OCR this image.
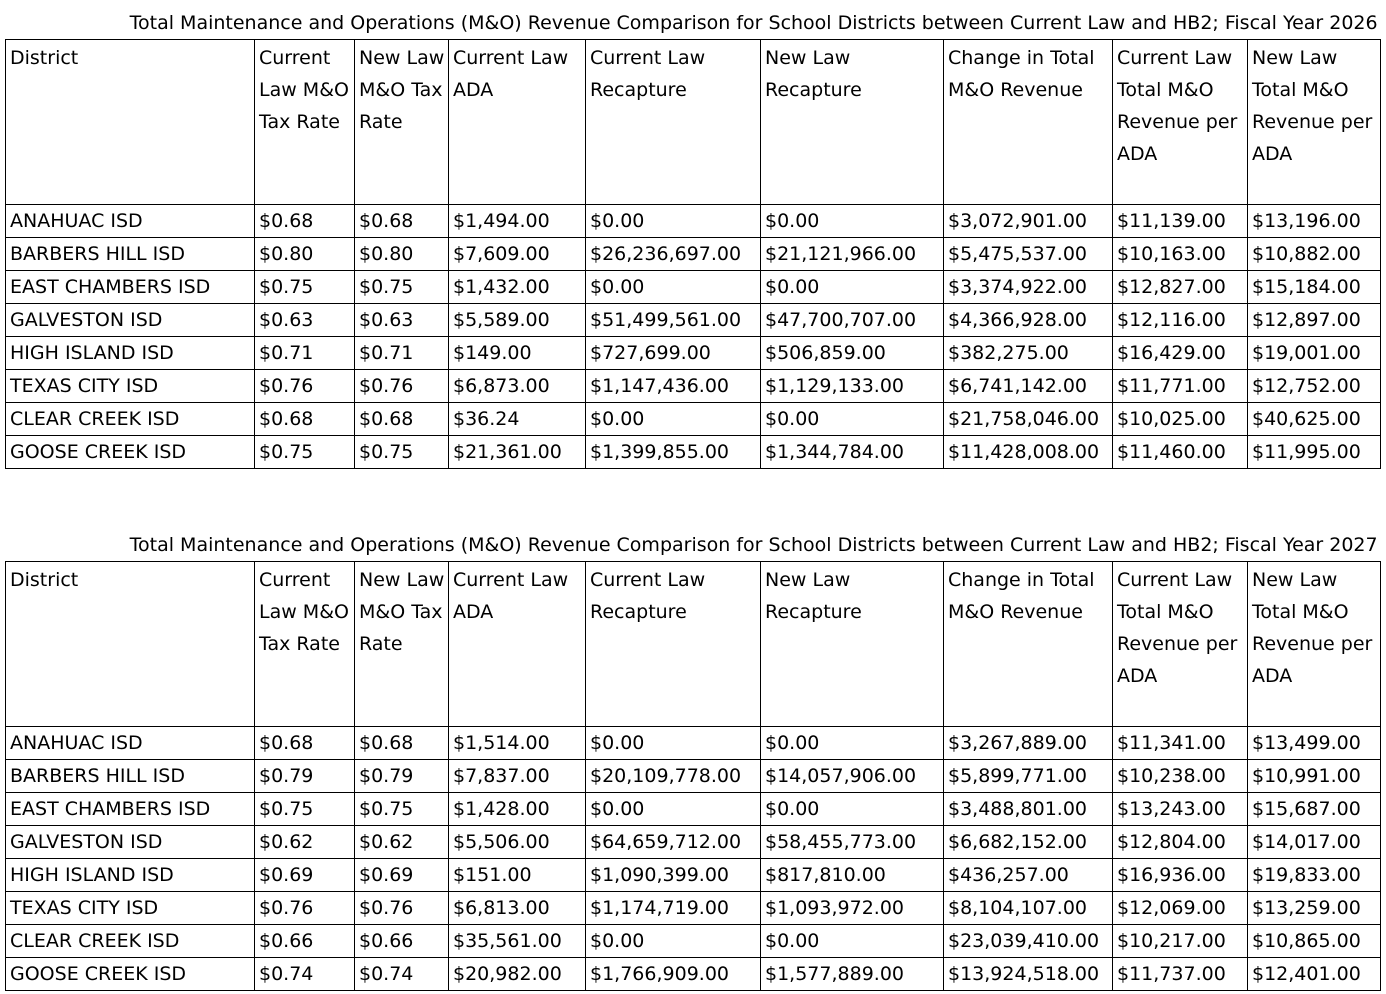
Total Maintenance and Operations (M&O) Revenue Comparison for School Districts between Current Law and HB2; Fiscal Year 2026								
District	Current Law M&O Tax Rate	New Law M&O Tax Rate	Current Law ADA	Current Law Recapture	New Law Recapture	Change in Total M&O Revenue	Current Law Total M&O Revenue per ADA	New Law Total M&O Revenue per ADA
ANAHUAC ISD	$0.68	$0.68	$1,494.00	$0.00	$0.00	$3,072,901.00	$11,139.00	$13,196.00
BARBERS HILL ISD	$0.80	$0.80	$7,609.00	$26,236,697.00	$21,121,966.00	$5,475,537.00	$10,163.00	$10,882.00
EAST CHAMBERS ISD	$0.75	$0.75	$1,432.00	$0.00	$0.00	$3,374,922.00	$12,827.00	$15,184.00
GALVESTON ISD	$0.63	$0.63	$5,589.00	$51,499,561.00	$47,700,707.00	$4,366,928.00	$12,116.00	$12,897.00
HIGH ISLAND ISD	$0.71	$0.71	$149.00	$727,699.00	$506,859.00	$382,275.00	$16,429.00	$19,001.00
TEXAS CITY ISD	$0.76	$0.76	$6,873.00	$1,147,436.00	$1,129,133.00	$6,741,142.00	$11,771.00	$12,752.00
CLEAR CREEK ISD	$0.68	$0.68	$36.24	$0.00	$0.00	$21,758,046.00	$10,025.00	$40,625.00
GOOSE CREEK ISD	$0.75	$0.75	$21,361.00	$1,399,855.00	$1,344,784.00	$11,428,008.00	$11,460.00	$11,995.00
Total Maintenance and Operations (M&O) Revenue Comparison for School Districts between Current Law and HB2; Fiscal Year 2027								
District	Current Law M&O Tax Rate	New Law M&O Tax Rate	Current Law ADA	Current Law Recapture	New Law Recapture	Change in Total M&O Revenue	Current Law Total M&O Revenue per ADA	New Law Total M&O Revenue per ADA
ANAHUAC ISD	$0.68	$0.68	$1,514.00	$0.00	$0.00	$3,267,889.00	$11,341.00	$13,499.00
BARBERS HILL ISD	$0.79	$0.79	$7,837.00	$20,109,778.00	$14,057,906.00	$5,899,771.00	$10,238.00	$10,991.00
EAST CHAMBERS ISD	$0.75	$0.75	$1,428.00	$0.00	$0.00	$3,488,801.00	$13,243.00	$15,687.00
GALVESTON ISD	$0.62	$0.62	$5,506.00	$64,659,712.00	$58,455,773.00	$6,682,152.00	$12,804.00	$14,017.00
HIGH ISLAND ISD	$0.69	$0.69	$151.00	$1,090,399.00	$817,810.00	$436,257.00	$16,936.00	$19,833.00
TEXAS CITY ISD	$0.76	$0.76	$6,813.00	$1,174,719.00	$1,093,972.00	$8,104,107.00	$12,069.00	$13,259.00
CLEAR CREEK ISD	$0.66	$0.66	$35,561.00	$0.00	$0.00	$23,039,410.00	$10,217.00	$10,865.00
GOOSE CREEK ISD	$0.74	$0.74	$20,982.00	$1,766,909.00	$1,577,889.00	$13,924,518.00	$11,737.00	$12,401.00
